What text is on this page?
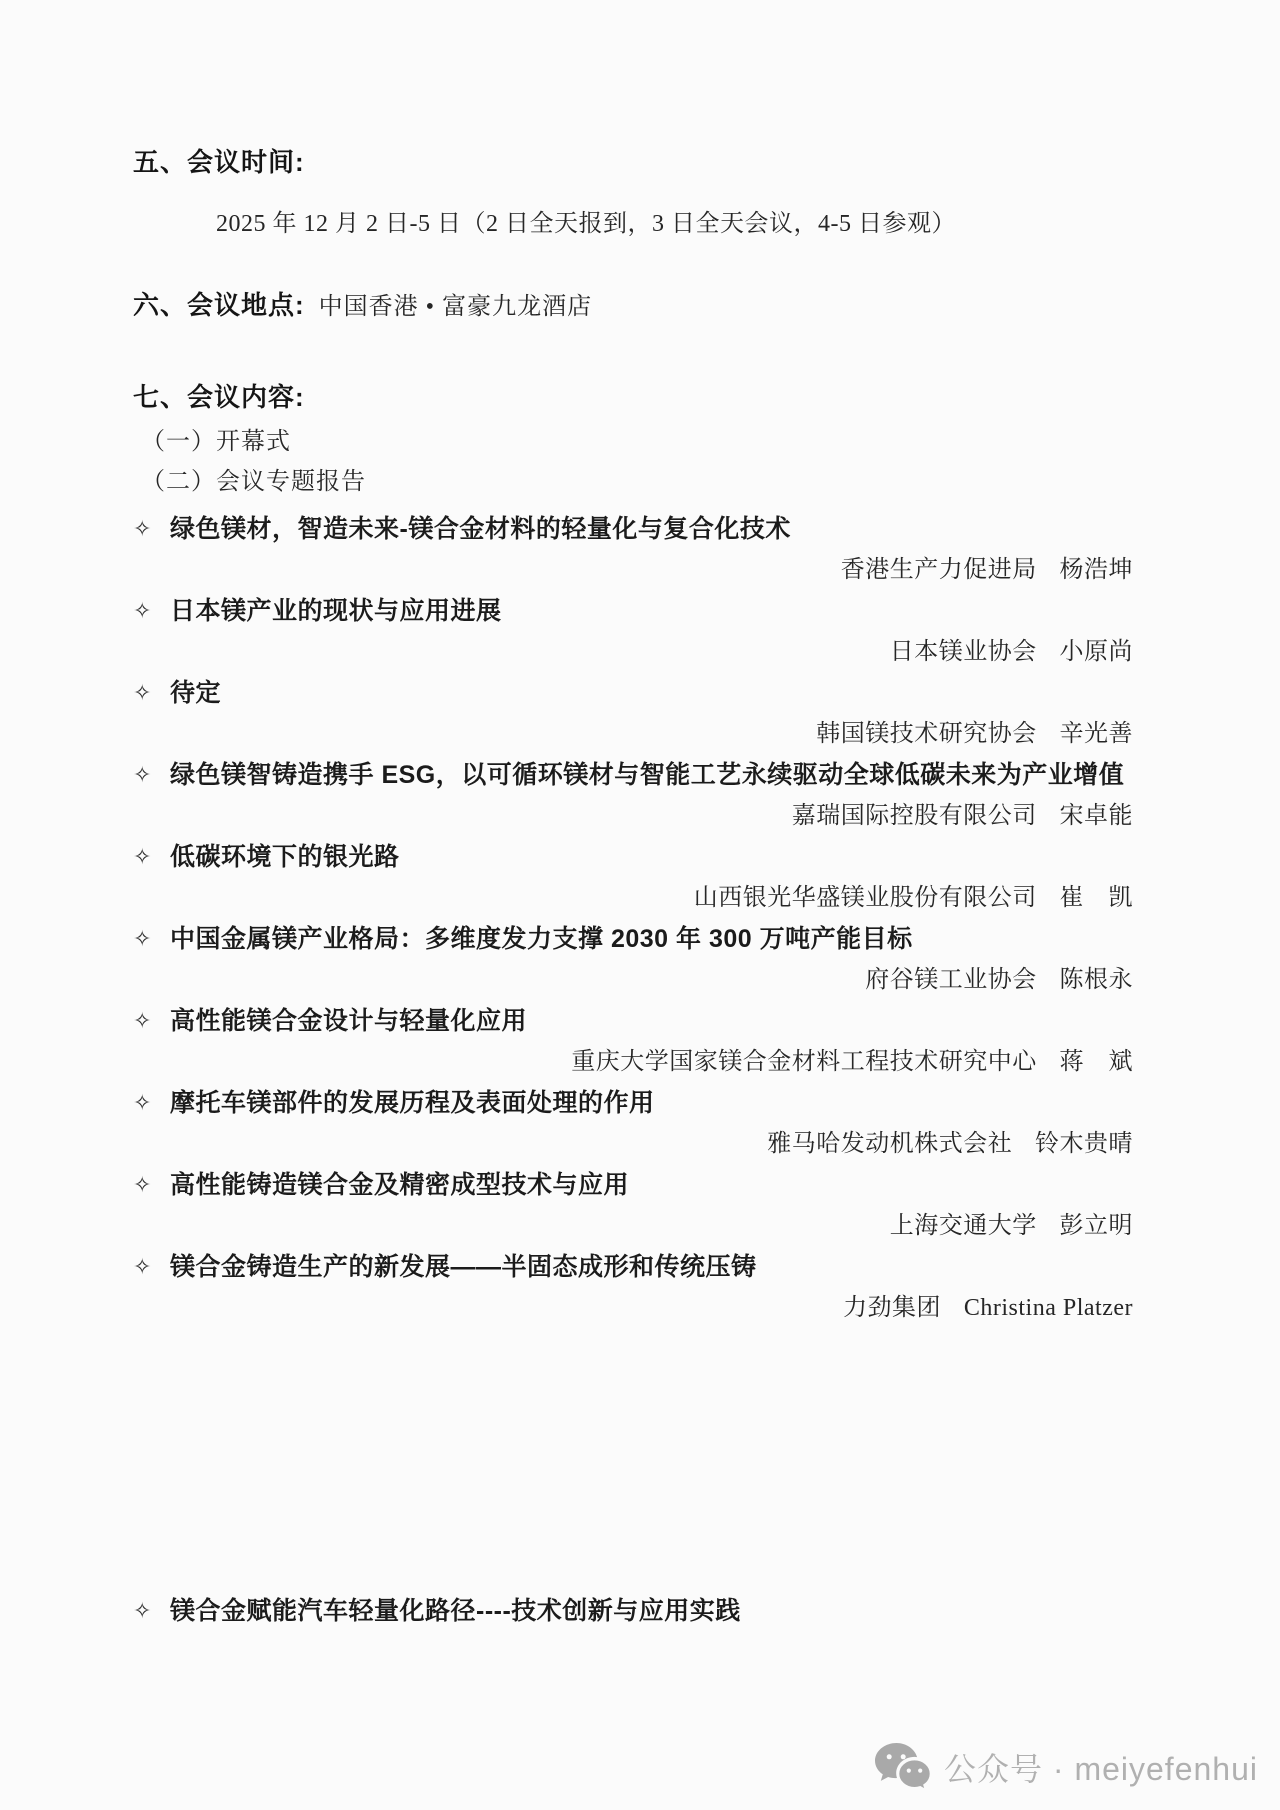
五、会议时间:
2025 年 12 月 2 日-5 日（2 日全天报到，3 日全天会议，4-5 日参观）
六、会议地点: 中国香港 • 富豪九龙酒店
七、会议内容:
（一）开幕式
（二）会议专题报告
✧ 绿色镁材，智造未来-镁合金材料的轻量化与复合化技术
香港生产力促进局 杨浩坤
✧ 日本镁产业的现状与应用进展
日本镁业协会 小原尚
✧ 待定
韩国镁技术研究协会 辛光善
✧ 绿色镁智铸造携手 ESG，以可循环镁材与智能工艺永续驱动全球低碳未来为产业增值
嘉瑞国际控股有限公司 宋卓能
✧ 低碳环境下的银光路
山西银光华盛镁业股份有限公司 崔　凯
✧ 中国金属镁产业格局：多维度发力支撑 2030 年 300 万吨产能目标
府谷镁工业协会 陈根永
✧ 高性能镁合金设计与轻量化应用
重庆大学国家镁合金材料工程技术研究中心 蒋　斌
✧ 摩托车镁部件的发展历程及表面处理的作用
雅马哈发动机株式会社 铃木贵晴
✧ 高性能铸造镁合金及精密成型技术与应用
上海交通大学 彭立明
✧ 镁合金铸造生产的新发展——半固态成形和传统压铸
力劲集团 Christina Platzer
✧ 镁合金赋能汽车轻量化路径----技术创新与应用实践
公众号 · meiyefenhui
